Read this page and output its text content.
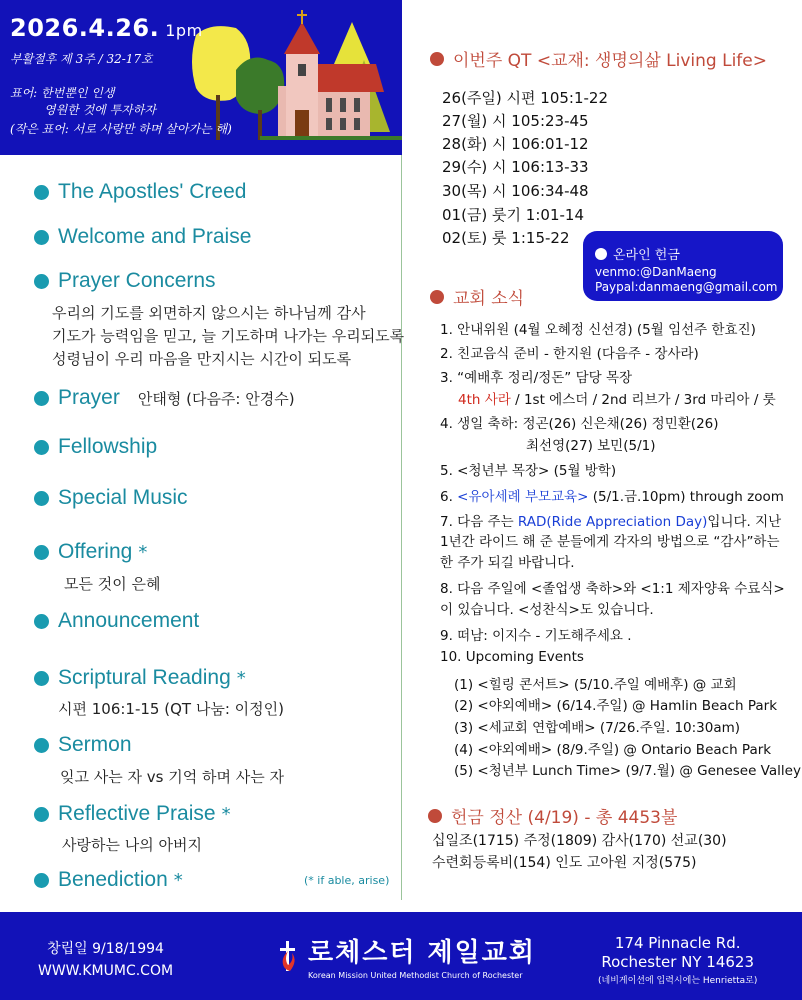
2026.4.26. 1pm
부활절후 제 3주 / 32-17호
표어: 한번뿐인 인생
영원한 것에 투자하자
(작은 표어: 서로 사랑만 하며 살아가는 해)
The Apostles' Creed
Welcome and Praise
Prayer Concerns
우리의 기도를 외면하지 않으시는 하나님께 감사
기도가 능력임을 믿고, 늘 기도하며 나가는 우리되도록
성령님이 우리 마음을 만지시는 시간이 되도록
Prayer 안태형 (다음주: 안경수)
Fellowship
Special Music
Offering *
모든 것이 은혜
Announcement
Scriptural Reading *
시편 106:1-15 (QT 나눔: 이정인)
Sermon
잊고 사는 자 vs 기억 하며 사는 자
Reflective Praise *
사랑하는 나의 아버지
Benediction *	(* if able, arise)
이번주 QT <교재: 생명의삶 Living Life>
26(주일) 시편 105:1-22
27(월) 시 105:23-45
28(화) 시 106:01-12
29(수) 시 106:13-33
30(목) 시 106:34-48
01(금) 룻기 1:01-14
02(토) 룻 1:15-22
온라인 헌금
venmo:@DanMaeng
Paypal:danmaeng@gmail.com
교회 소식
1. 안내위원 (4월 오혜정 신선경) (5월 임선주 한효진)
2. 친교음식 준비 - 한지원 (다음주 - 장사라)
3. “예배후 정리/정돈” 담당 목장
4th 사라 / 1st 에스더 / 2nd 리브가 / 3rd 마리아 / 룻
4. 생일 축하: 정곤(26) 신은채(26) 정민환(26)
최선영(27) 보민(5/1)
5. <청년부 목장> (5월 방학)
6. <유아세례 부모교육> (5/1.금.10pm) through zoom
7. 다음 주는 RAD(Ride Appreciation Day)입니다. 지난
1년간 라이드 해 준 분들에게 각자의 방법으로 “감사”하는
한 주가 되길 바랍니다.
8. 다음 주일에 <졸업생 축하>와 <1:1 제자양육 수료식>
이 있습니다. <성찬식>도 있습니다.
9. 떠남: 이지수 - 기도해주세요 .
10. Upcoming Events
(1) <힐링 콘서트> (5/10.주일 예배후) @ 교회
(2) <야외예배> (6/14.주일) @ Hamlin Beach Park
(3) <세교회 연합예배> (7/26.주일. 10:30am)
(4) <야외예배> (8/9.주일) @ Ontario Beach Park
(5) <청년부 Lunch Time> (9/7.월) @ Genesee Valley
헌금 정산 (4/19) - 총 4453불
십일조(1715) 주정(1809) 감사(170) 선교(30)
수련회등록비(154) 인도 고아원 지정(575)
창립일 9/18/1994
WWW.KMUMC.COM
로체스터 제일교회
Korean Mission United Methodist Church of Rochester
174 Pinnacle Rd.
Rochester NY 14623
(네비게이션에 입력시에는 Henrietta로)
